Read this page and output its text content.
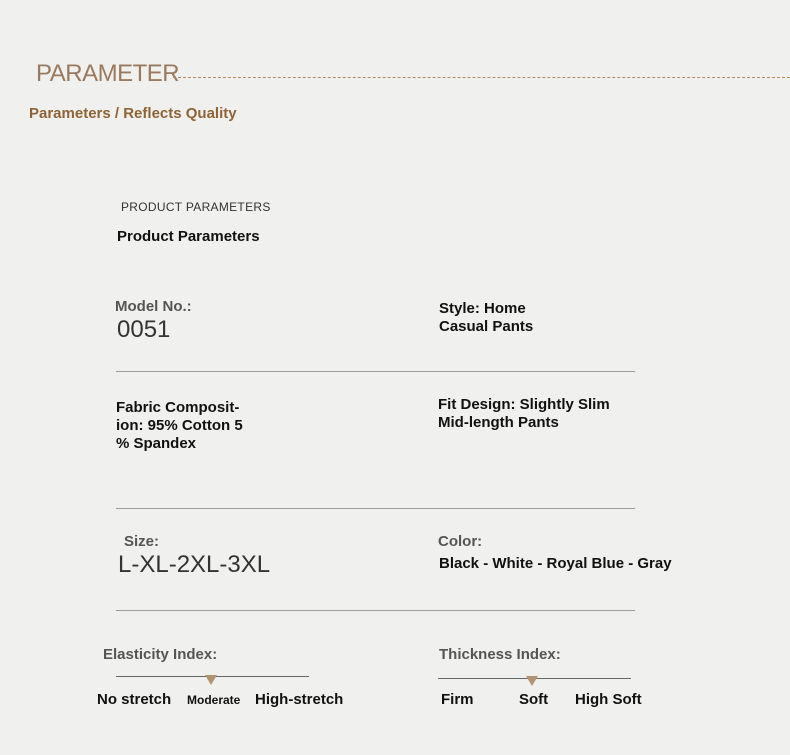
PARAMETER
Parameters / Reflects Quality
PRODUCT PARAMETERS
Product Parameters
Model No.:
0051
Style: Home
Casual Pants
Fabric Composit- ion: 95% Cotton 5 % Spandex
Fit Design: Slightly Slim
Mid-length Pants
Size:
L-XL-2XL-3XL
Color:
Black - White - Royal Blue - Gray
Elasticity Index:
No stretch Moderate High-stretch
Thickness Index:
Firm	Soft High Soft
